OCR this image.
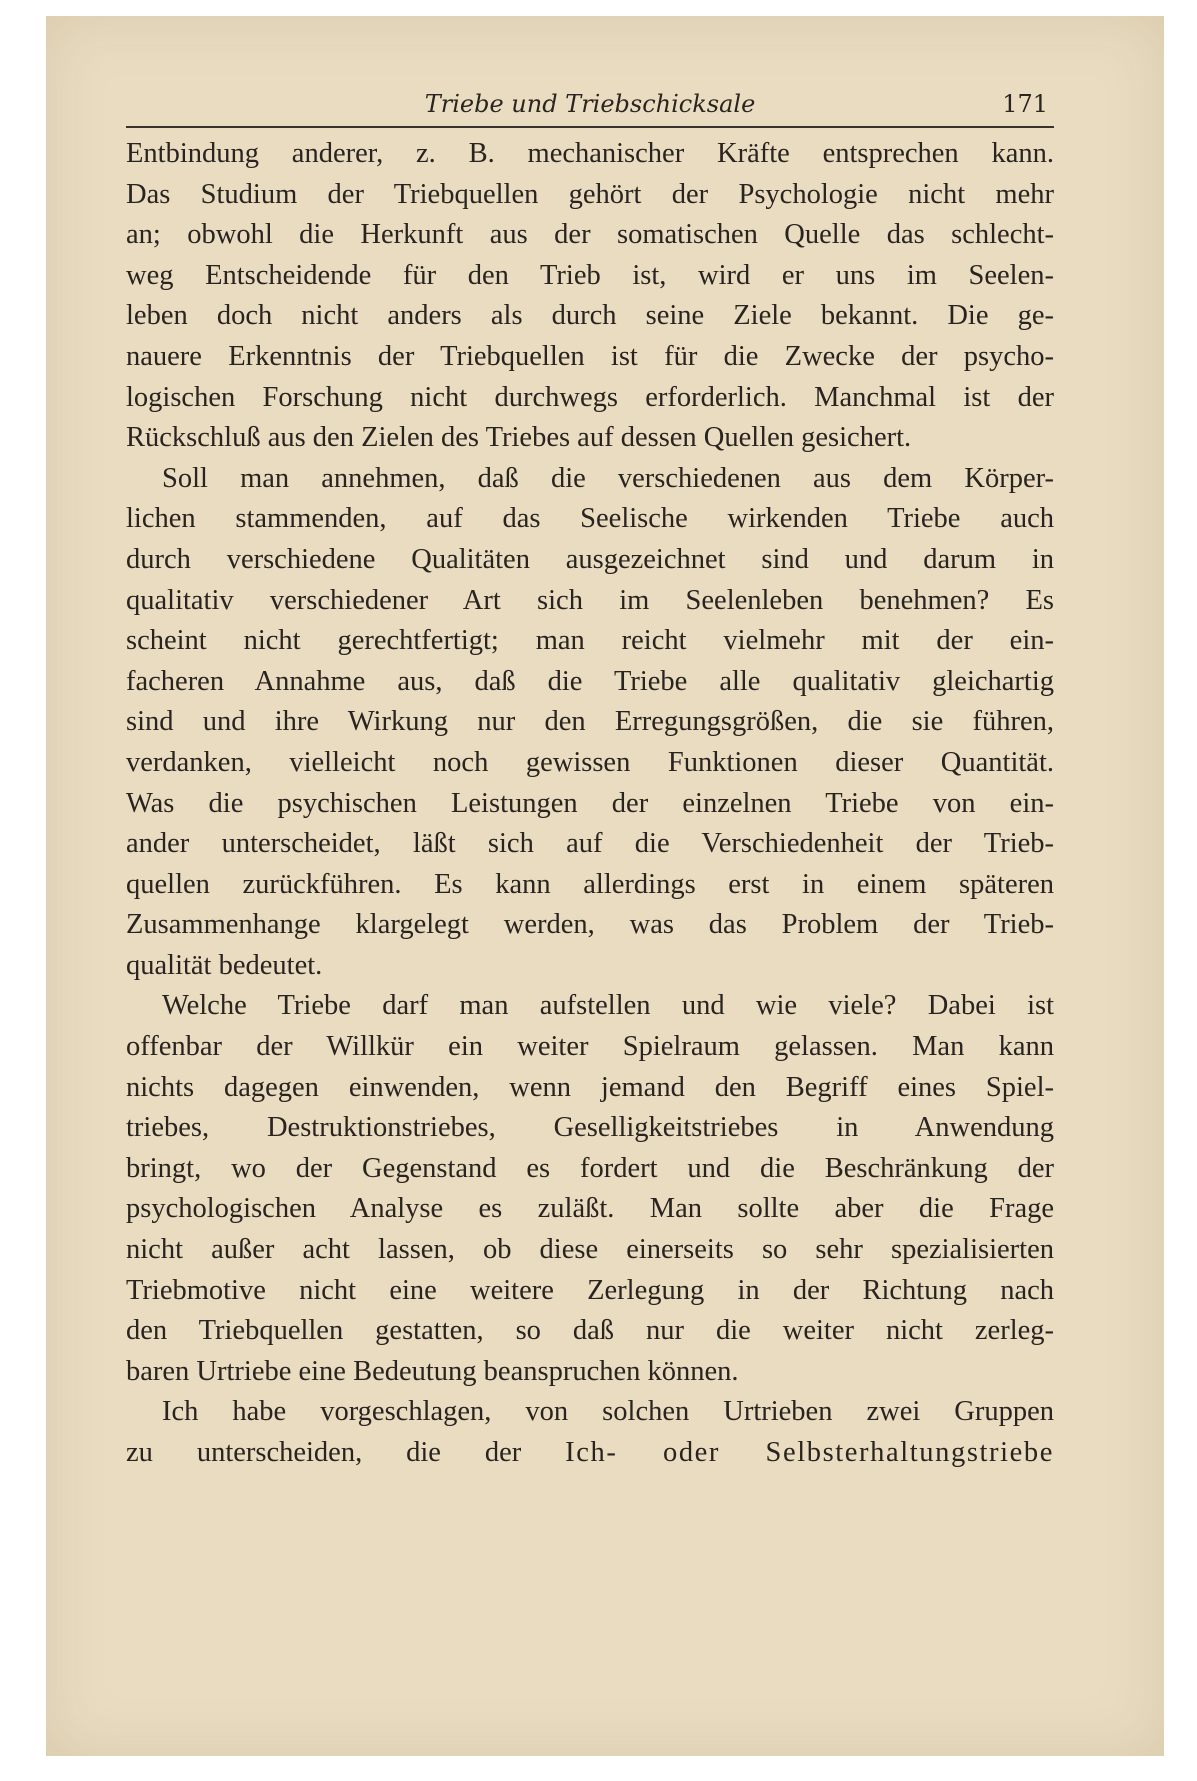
Triebe und Triebschicksale	171
Entbindung anderer, z. B. mechanischer Kräfte entsprechen kann.
Das Studium der Triebquellen gehört der Psychologie nicht mehr
an; obwohl die Herkunft aus der somatischen Quelle das schlecht-
weg Entscheidende für den Trieb ist, wird er uns im Seelen-
leben doch nicht anders als durch seine Ziele bekannt. Die ge-
nauere Erkenntnis der Triebquellen ist für die Zwecke der psycho-
logischen Forschung nicht durchwegs erforderlich. Manchmal ist der
Rückschluß aus den Zielen des Triebes auf dessen Quellen gesichert.
Soll man annehmen, daß die verschiedenen aus dem Körper-
lichen stammenden, auf das Seelische wirkenden Triebe auch
durch verschiedene Qualitäten ausgezeichnet sind und darum in
qualitativ verschiedener Art sich im Seelenleben benehmen? Es
scheint nicht gerechtfertigt; man reicht vielmehr mit der ein-
facheren Annahme aus, daß die Triebe alle qualitativ gleichartig
sind und ihre Wirkung nur den Erregungsgrößen, die sie führen,
verdanken, vielleicht noch gewissen Funktionen dieser Quantität.
Was die psychischen Leistungen der einzelnen Triebe von ein-
ander unterscheidet, läßt sich auf die Verschiedenheit der Trieb-
quellen zurückführen. Es kann allerdings erst in einem späteren
Zusammenhange klargelegt werden, was das Problem der Trieb-
qualität bedeutet.
Welche Triebe darf man aufstellen und wie viele? Dabei ist
offenbar der Willkür ein weiter Spielraum gelassen. Man kann
nichts dagegen einwenden, wenn jemand den Begriff eines Spiel-
triebes, Destruktionstriebes, Geselligkeitstriebes in Anwendung
bringt, wo der Gegenstand es fordert und die Beschränkung der
psychologischen Analyse es zuläßt. Man sollte aber die Frage
nicht außer acht lassen, ob diese einerseits so sehr spezialisierten
Triebmotive nicht eine weitere Zerlegung in der Richtung nach
den Triebquellen gestatten, so daß nur die weiter nicht zerleg-
baren Urtriebe eine Bedeutung beanspruchen können.
Ich habe vorgeschlagen, von solchen Urtrieben zwei Gruppen
zu unterscheiden, die der Ich- oder Selbsterhaltungstriebe
